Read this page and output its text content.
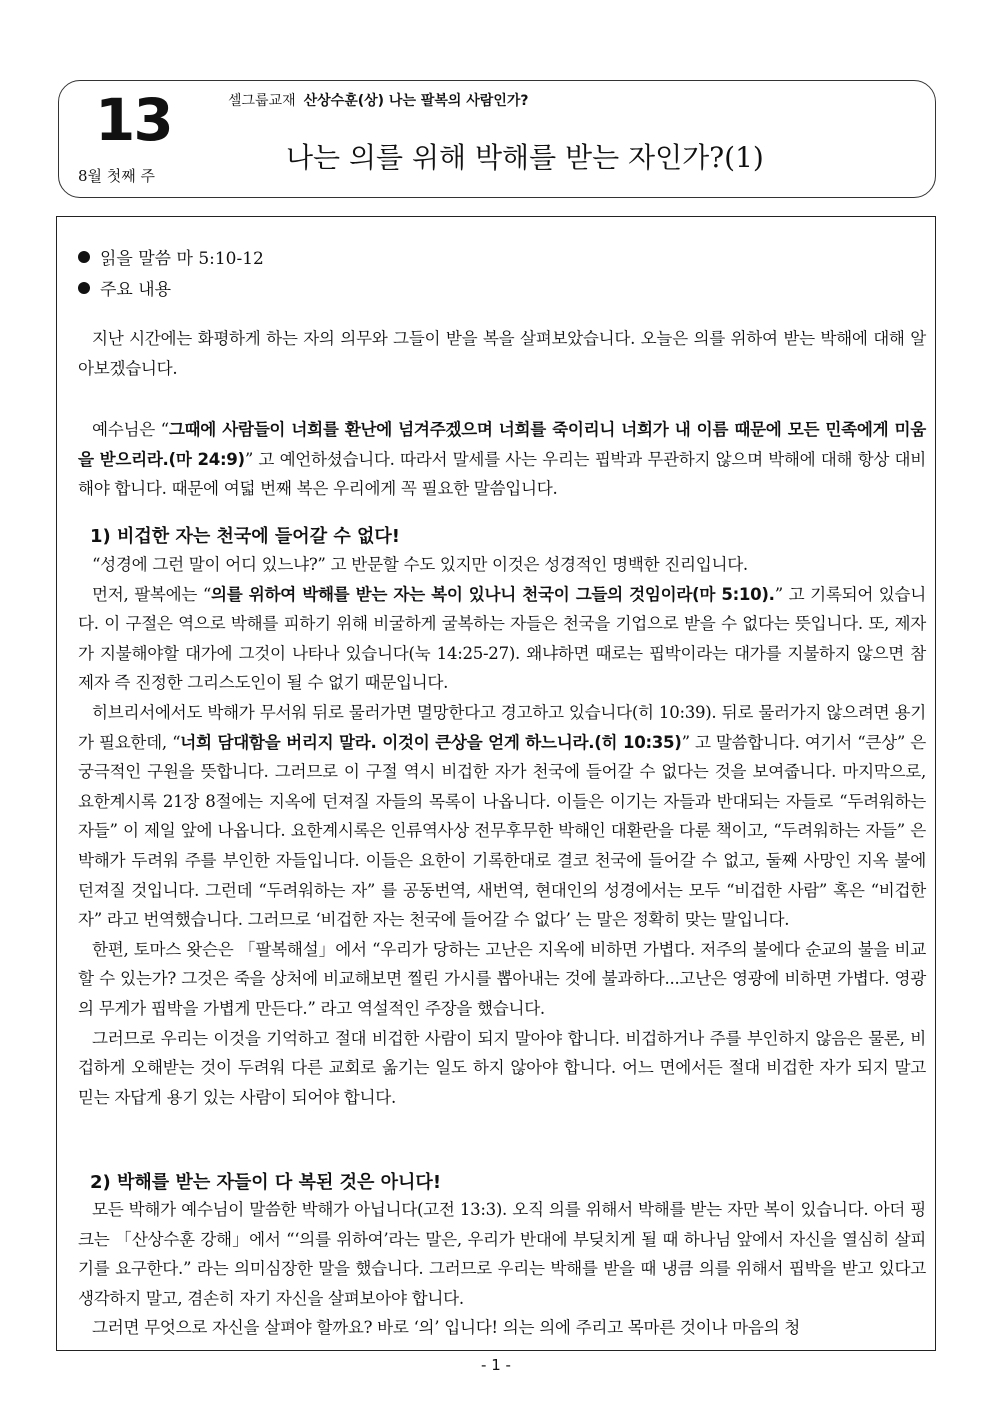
13
8월 첫째 주
셀그룹교재 산상수훈(상) 나는 팔복의 사람인가?
나는 의를 위해 박해를 받는 자인가?(1)
읽을 말씀 마 5:10-12
주요 내용

지난 시간에는 화평하게 하는 자의 의무와 그들이 받을 복을 살펴보았습니다. 오늘은 의를 위하여 받는 박해에 대해 알아보겠습니다.

예수님은 “그때에 사람들이 너희를 환난에 넘겨주겠으며 너희를 죽이리니 너희가 내 이름 때문에 모든 민족에게 미움을 받으리라.(마 24:9)” 고 예언하셨습니다. 따라서 말세를 사는 우리는 핍박과 무관하지 않으며 박해에 대해 항상 대비해야 합니다. 때문에 여덟 번째 복은 우리에게 꼭 필요한 말씀입니다.

1) 비겁한 자는 천국에 들어갈 수 없다!

“성경에 그런 말이 어디 있느냐?” 고 반문할 수도 있지만 이것은 성경적인 명백한 진리입니다.

먼저, 팔복에는 “의를 위하여 박해를 받는 자는 복이 있나니 천국이 그들의 것임이라(마 5:10).” 고 기록되어 있습니다. 이 구절은 역으로 박해를 피하기 위해 비굴하게 굴복하는 자들은 천국을 기업으로 받을 수 없다는 뜻입니다. 또, 제자가 지불해야할 대가에 그것이 나타나 있습니다(눅 14:25-27). 왜냐하면 때로는 핍박이라는 대가를 지불하지 않으면 참 제자 즉 진정한 그리스도인이 될 수 없기 때문입니다.

히브리서에서도 박해가 무서워 뒤로 물러가면 멸망한다고 경고하고 있습니다(히 10:39). 뒤로 물러가지 않으려면 용기가 필요한데, “너희 담대함을 버리지 말라. 이것이 큰상을 얻게 하느니라.(히 10:35)” 고 말씀합니다. 여기서 “큰상” 은 궁극적인 구원을 뜻합니다. 그러므로 이 구절 역시 비겁한 자가 천국에 들어갈 수 없다는 것을 보여줍니다. 마지막으로, 요한계시록 21장 8절에는 지옥에 던져질 자들의 목록이 나옵니다. 이들은 이기는 자들과 반대되는 자들로 “두려워하는 자들” 이 제일 앞에 나옵니다. 요한계시록은 인류역사상 전무후무한 박해인 대환란을 다룬 책이고, “두려워하는 자들” 은 박해가 두려워 주를 부인한 자들입니다. 이들은 요한이 기록한대로 결코 천국에 들어갈 수 없고, 둘째 사망인 지옥 불에 던져질 것입니다. 그런데 “두려워하는 자” 를 공동번역, 새번역, 현대인의 성경에서는 모두 “비겁한 사람” 혹은 “비겁한 자” 라고 번역했습니다. 그러므로 ‘비겁한 자는 천국에 들어갈 수 없다’ 는 말은 정확히 맞는 말입니다.

한편, 토마스 왓슨은 「팔복해설」에서 “우리가 당하는 고난은 지옥에 비하면 가볍다. 저주의 불에다 순교의 불을 비교할 수 있는가? 그것은 죽을 상처에 비교해보면 찔린 가시를 뽑아내는 것에 불과하다...고난은 영광에 비하면 가볍다. 영광의 무게가 핍박을 가볍게 만든다.” 라고 역설적인 주장을 했습니다.

그러므로 우리는 이것을 기억하고 절대 비겁한 사람이 되지 말아야 합니다. 비겁하거나 주를 부인하지 않음은 물론, 비겁하게 오해받는 것이 두려워 다른 교회로 옮기는 일도 하지 않아야 합니다. 어느 면에서든 절대 비겁한 자가 되지 말고 믿는 자답게 용기 있는 사람이 되어야 합니다.

2) 박해를 받는 자들이 다 복된 것은 아니다!

모든 박해가 예수님이 말씀한 박해가 아닙니다(고전 13:3). 오직 의를 위해서 박해를 받는 자만 복이 있습니다. 아더 핑크는 「산상수훈 강해」에서 “‘의를 위하여’라는 말은, 우리가 반대에 부딪치게 될 때 하나님 앞에서 자신을 열심히 살피기를 요구한다.” 라는 의미심장한 말을 했습니다. 그러므로 우리는 박해를 받을 때 냉큼 의를 위해서 핍박을 받고 있다고 생각하지 말고, 겸손히 자기 자신을 살펴보아야 합니다.

그러면 무엇으로 자신을 살펴야 할까요? 바로 ‘의’ 입니다! 의는 의에 주리고 목마른 것이나 마음의 청

- 1 -
